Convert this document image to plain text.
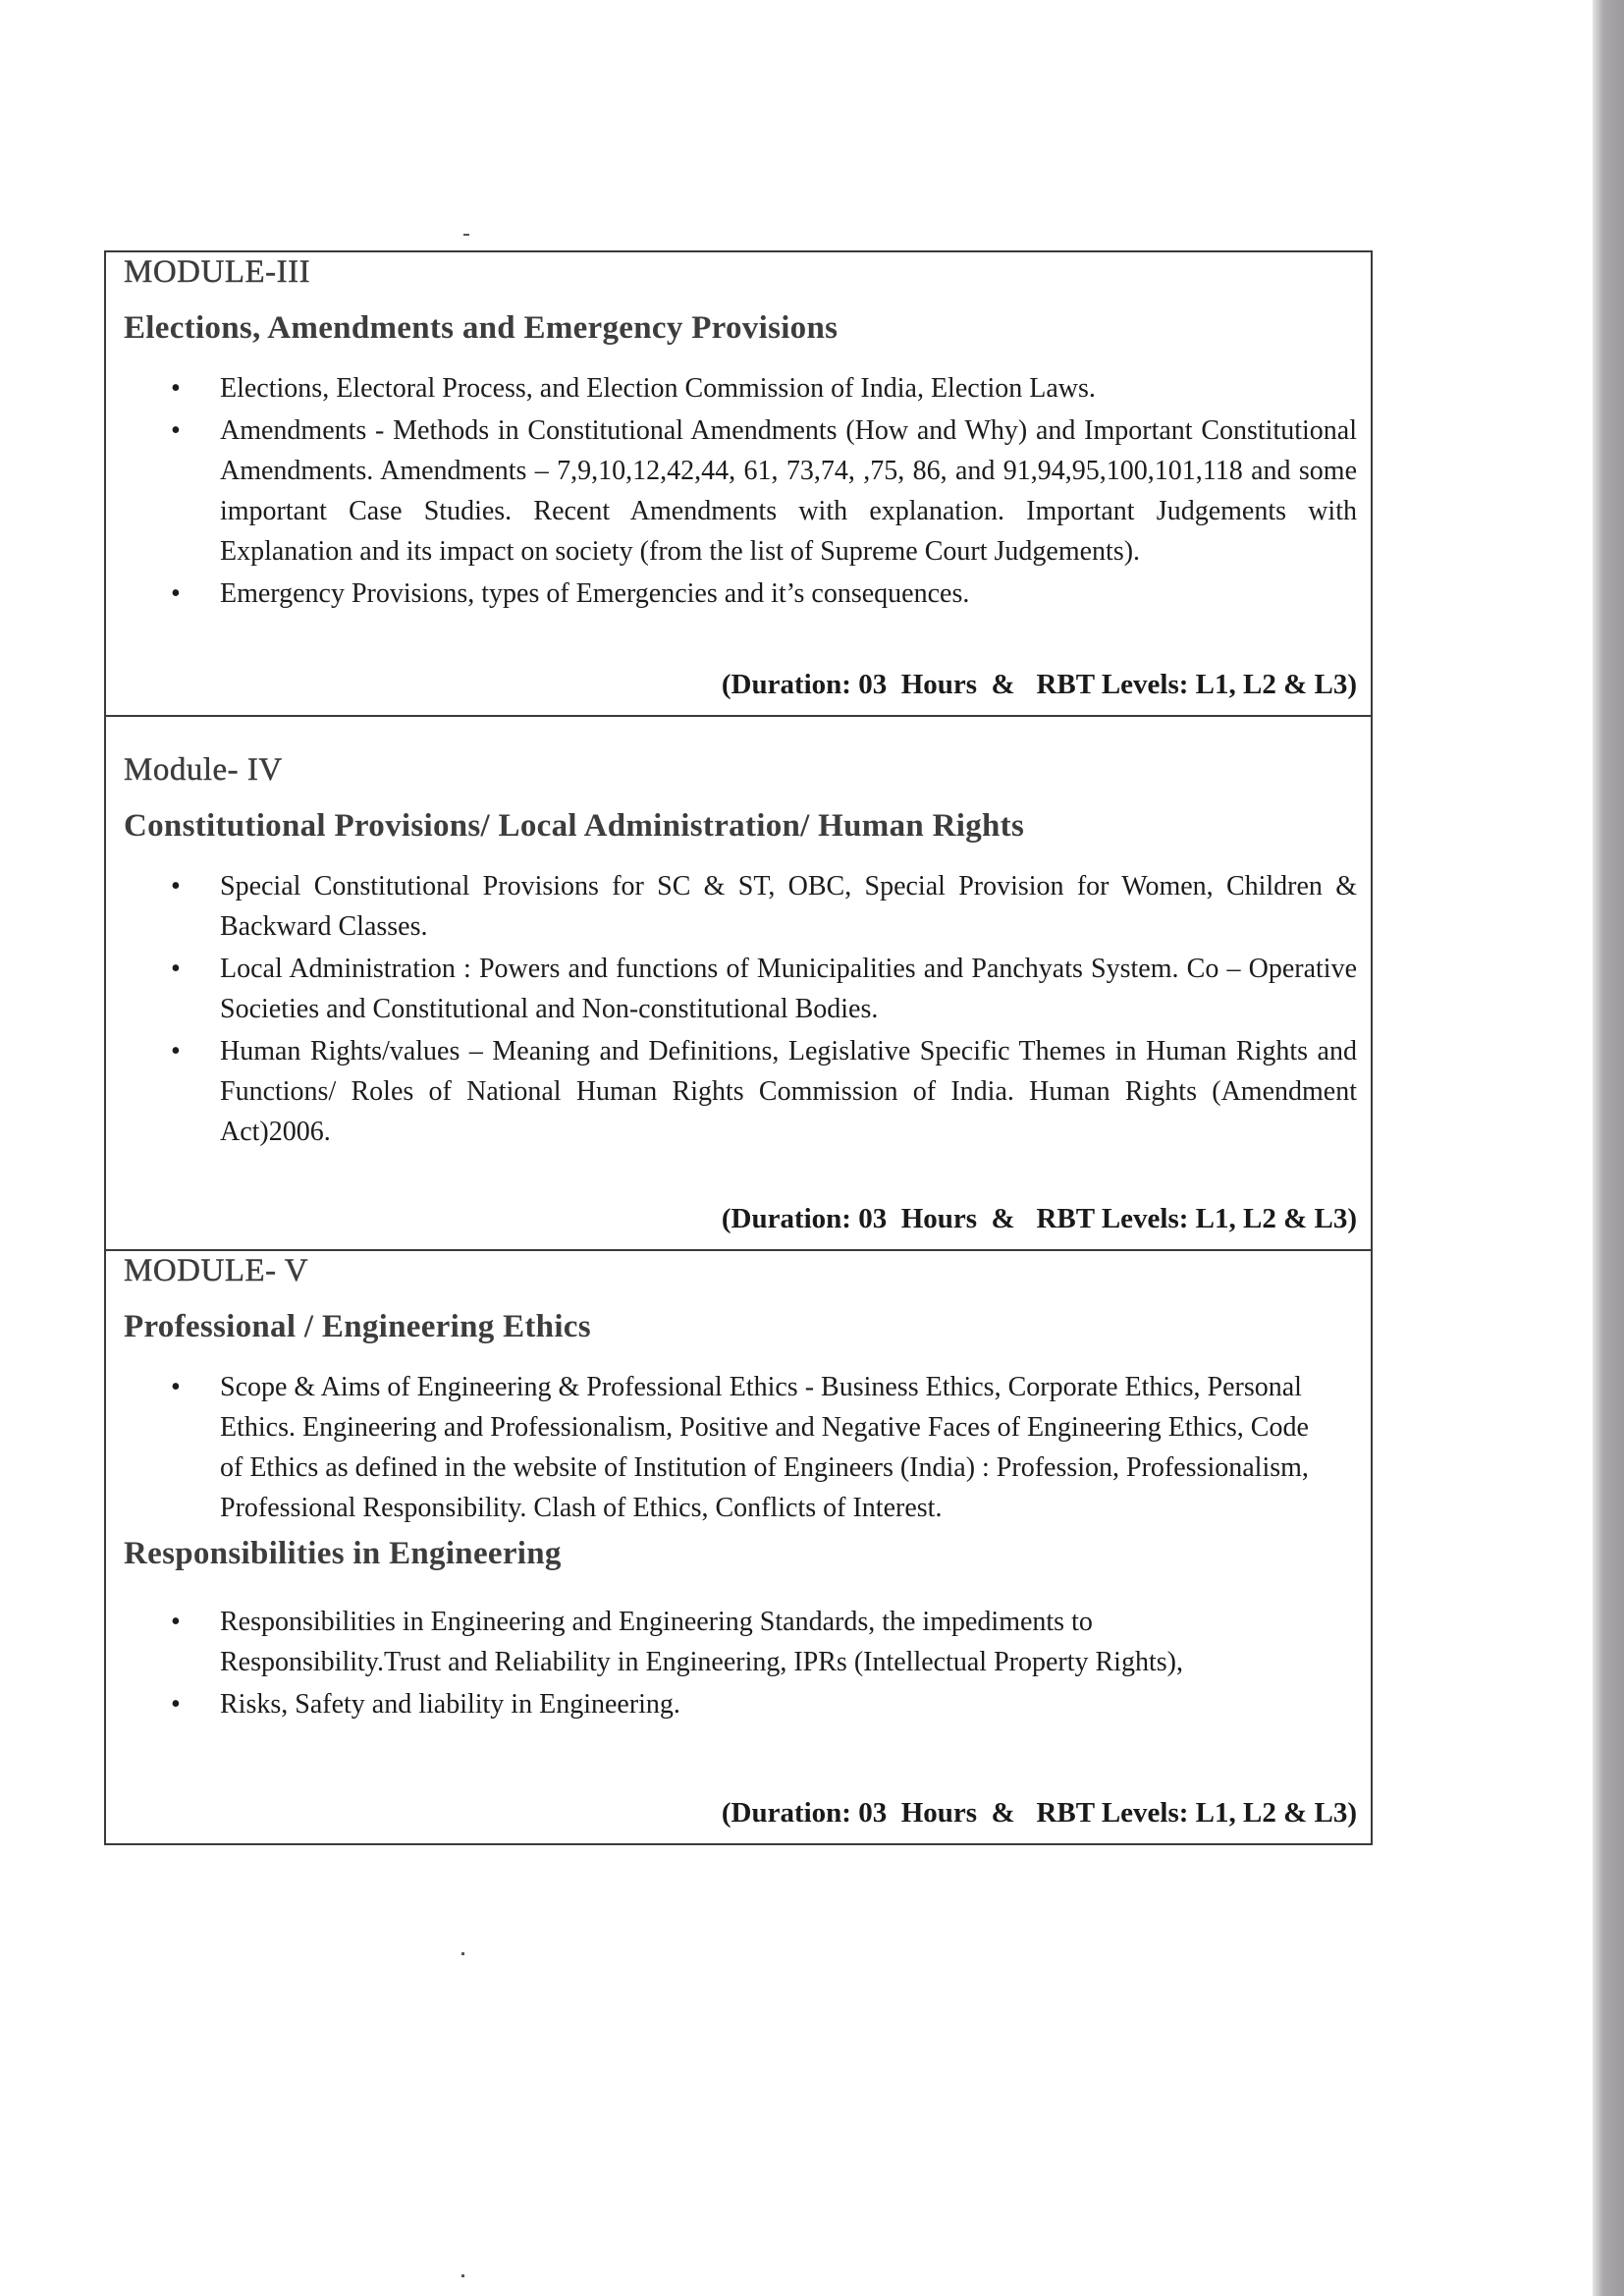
MODULE-III
Elections, Amendments and Emergency Provisions
• Elections, Electoral Process, and Election Commission of India, Election Laws.
• Amendments - Methods in Constitutional Amendments (How and Why) and Important Constitutional Amendments. Amendments – 7,9,10,12,42,44, 61, 73,74, ,75, 86, and 91,94,95,100,101,118 and some important Case Studies. Recent Amendments with explanation. Important Judgements with Explanation and its impact on society (from the list of Supreme Court Judgements).
• Emergency Provisions, types of Emergencies and it’s consequences.
(Duration: 03  Hours  &   RBT Levels: L1, L2 & L3)
Module- IV
Constitutional Provisions/ Local Administration/ Human Rights
• Special Constitutional Provisions for SC & ST, OBC, Special Provision for Women, Children & Backward Classes.
• Local Administration : Powers and functions of Municipalities and Panchyats System. Co – Operative Societies and Constitutional and Non-constitutional Bodies.
• Human Rights/values – Meaning and Definitions, Legislative Specific Themes in Human Rights and Functions/ Roles of National Human Rights Commission of India. Human Rights (Amendment Act)2006.
(Duration: 03  Hours  &   RBT Levels: L1, L2 & L3)
MODULE- V
Professional / Engineering Ethics
• Scope & Aims of Engineering & Professional Ethics - Business Ethics, Corporate Ethics, Personal Ethics. Engineering and Professionalism, Positive and Negative Faces of Engineering Ethics, Code of Ethics as defined in the website of Institution of Engineers (India) : Profession, Professionalism, Professional Responsibility. Clash of Ethics, Conflicts of Interest.
Responsibilities in Engineering
• Responsibilities in Engineering and Engineering Standards, the impediments to Responsibility.Trust and Reliability in Engineering, IPRs (Intellectual Property Rights),
• Risks, Safety and liability in Engineering.
(Duration: 03  Hours  &   RBT Levels: L1, L2 & L3)
